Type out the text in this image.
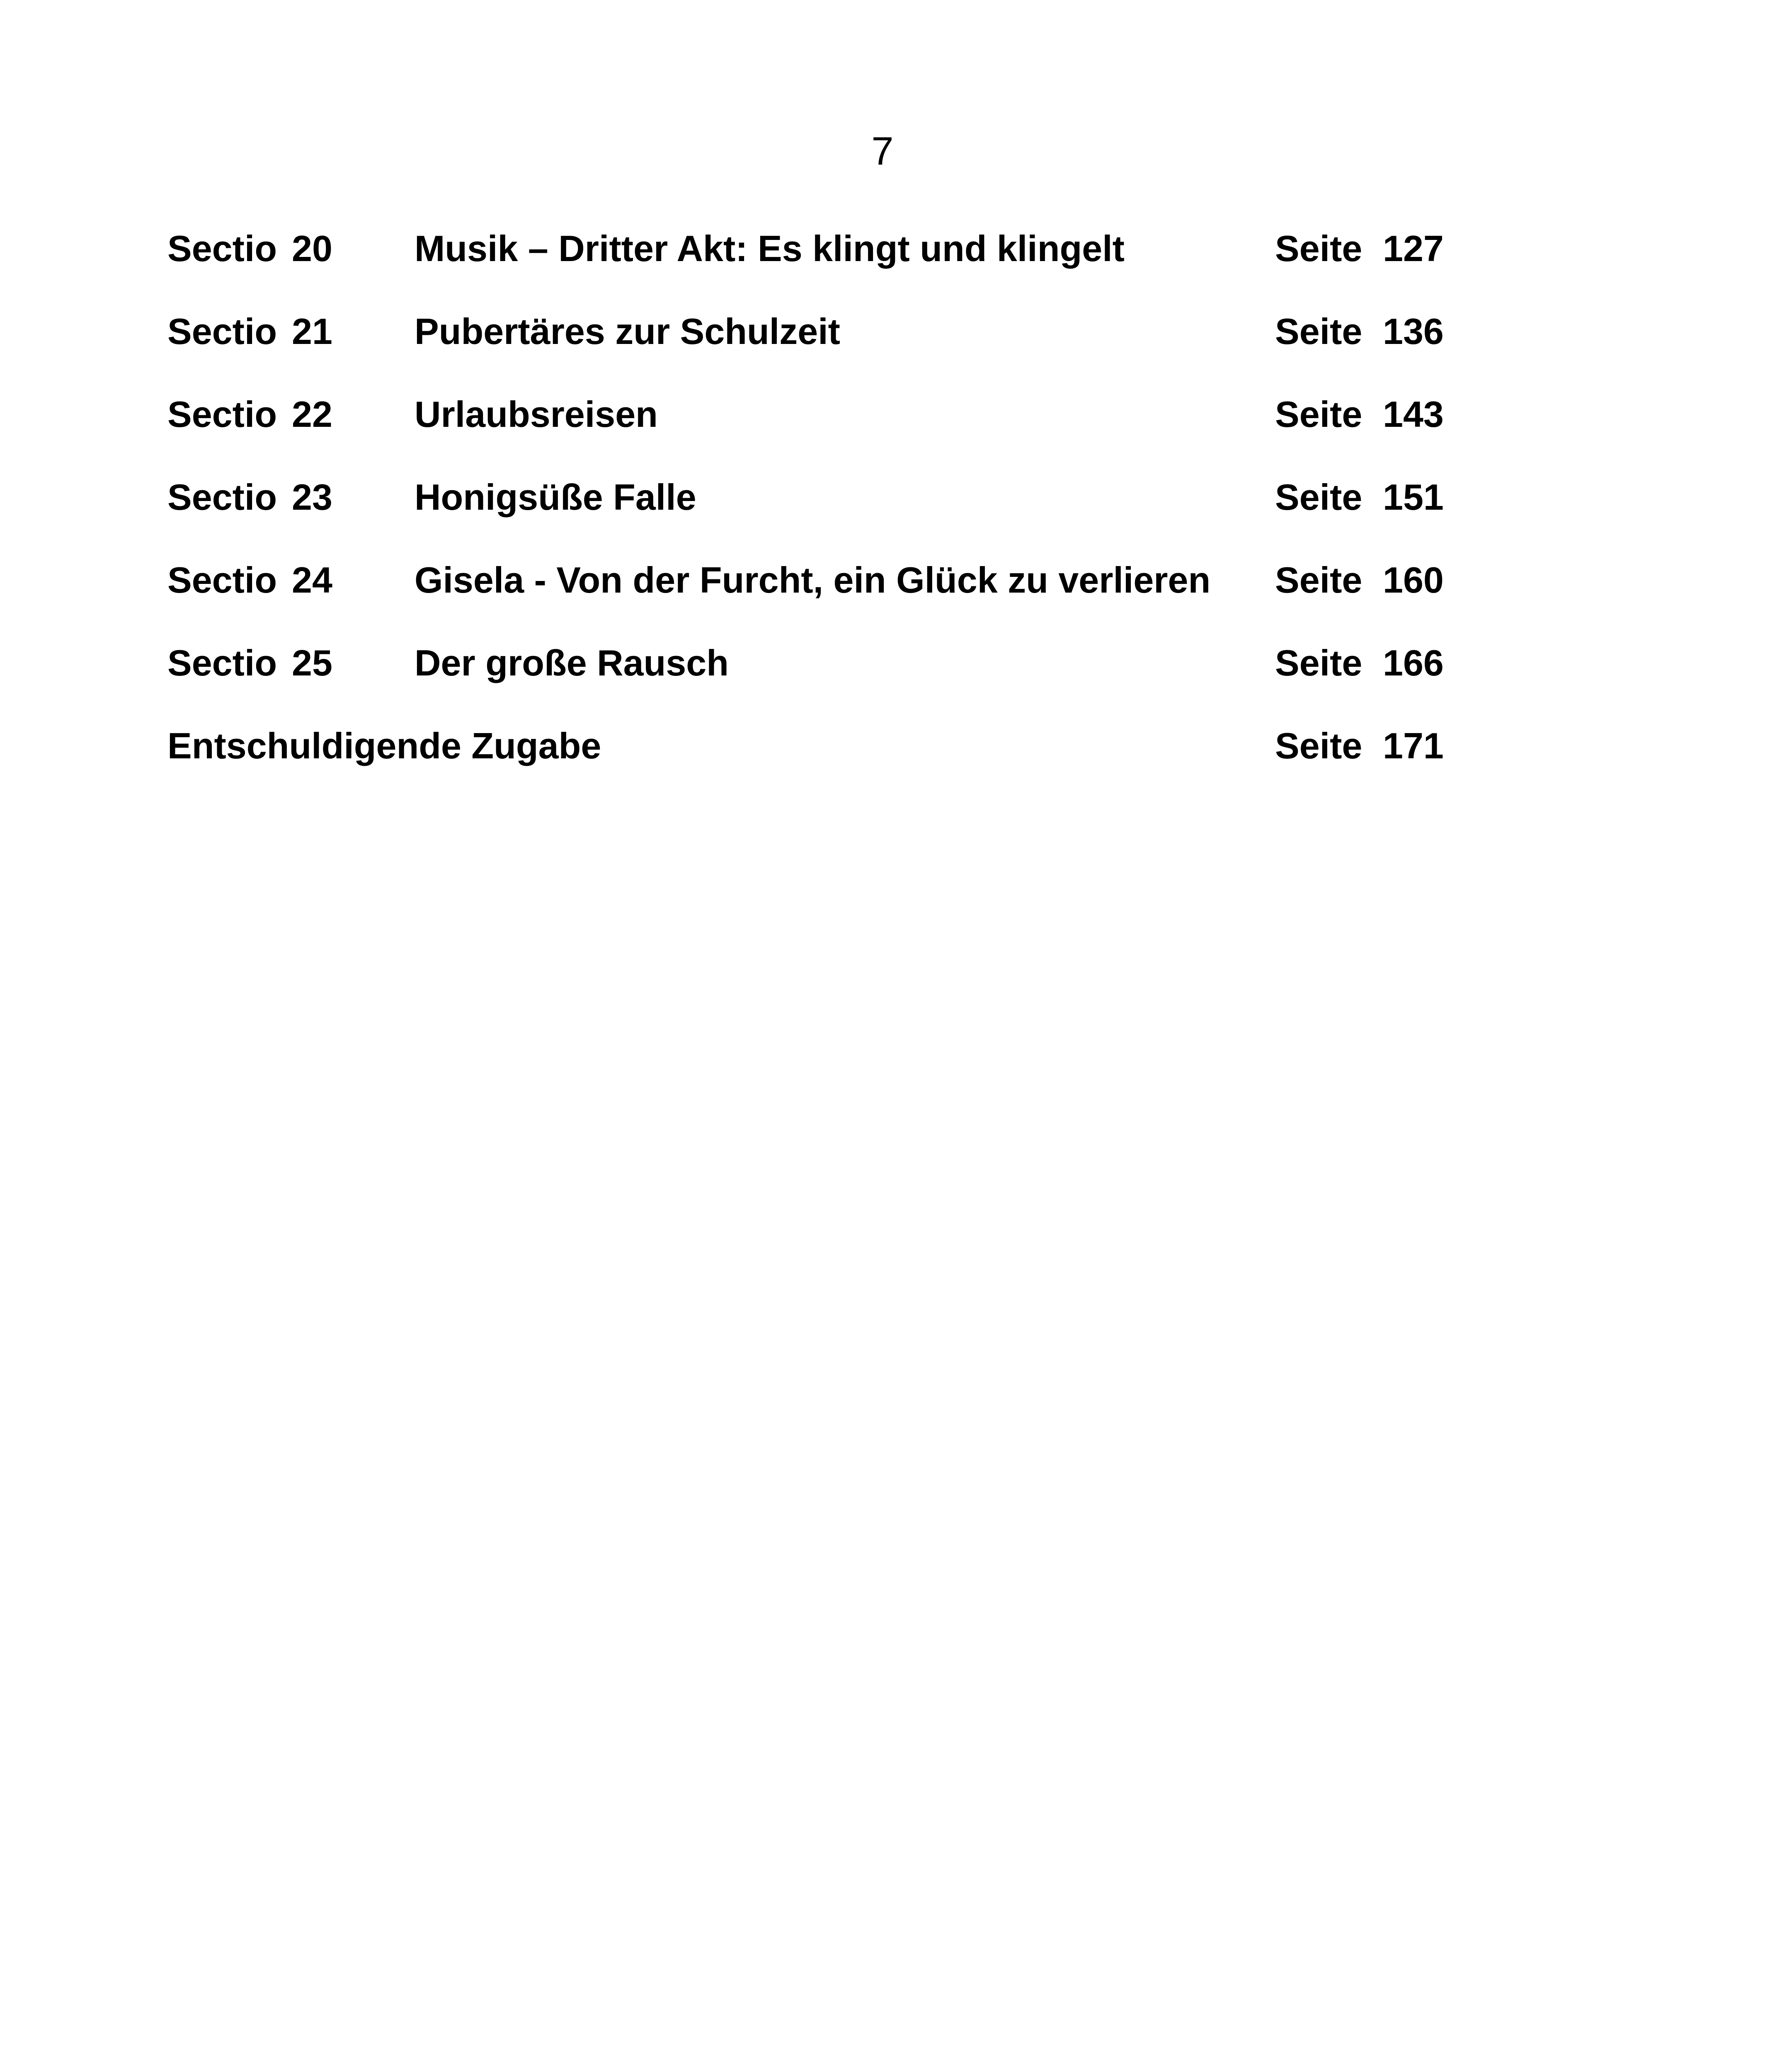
7
Sectio 20 Musik – Dritter Akt: Es klingt und klingelt	Seite 127
Sectio 21 Pubertäres zur Schulzeit	Seite 136
Sectio 22 Urlaubsreisen	Seite 143
Sectio 23 Honigsüße Falle	Seite 151
Sectio 24 Gisela - Von der Furcht, ein Glück zu verlieren Seite 160
Sectio 25 Der große Rausch	Seite 166
Entschuldigende Zugabe	Seite 171
